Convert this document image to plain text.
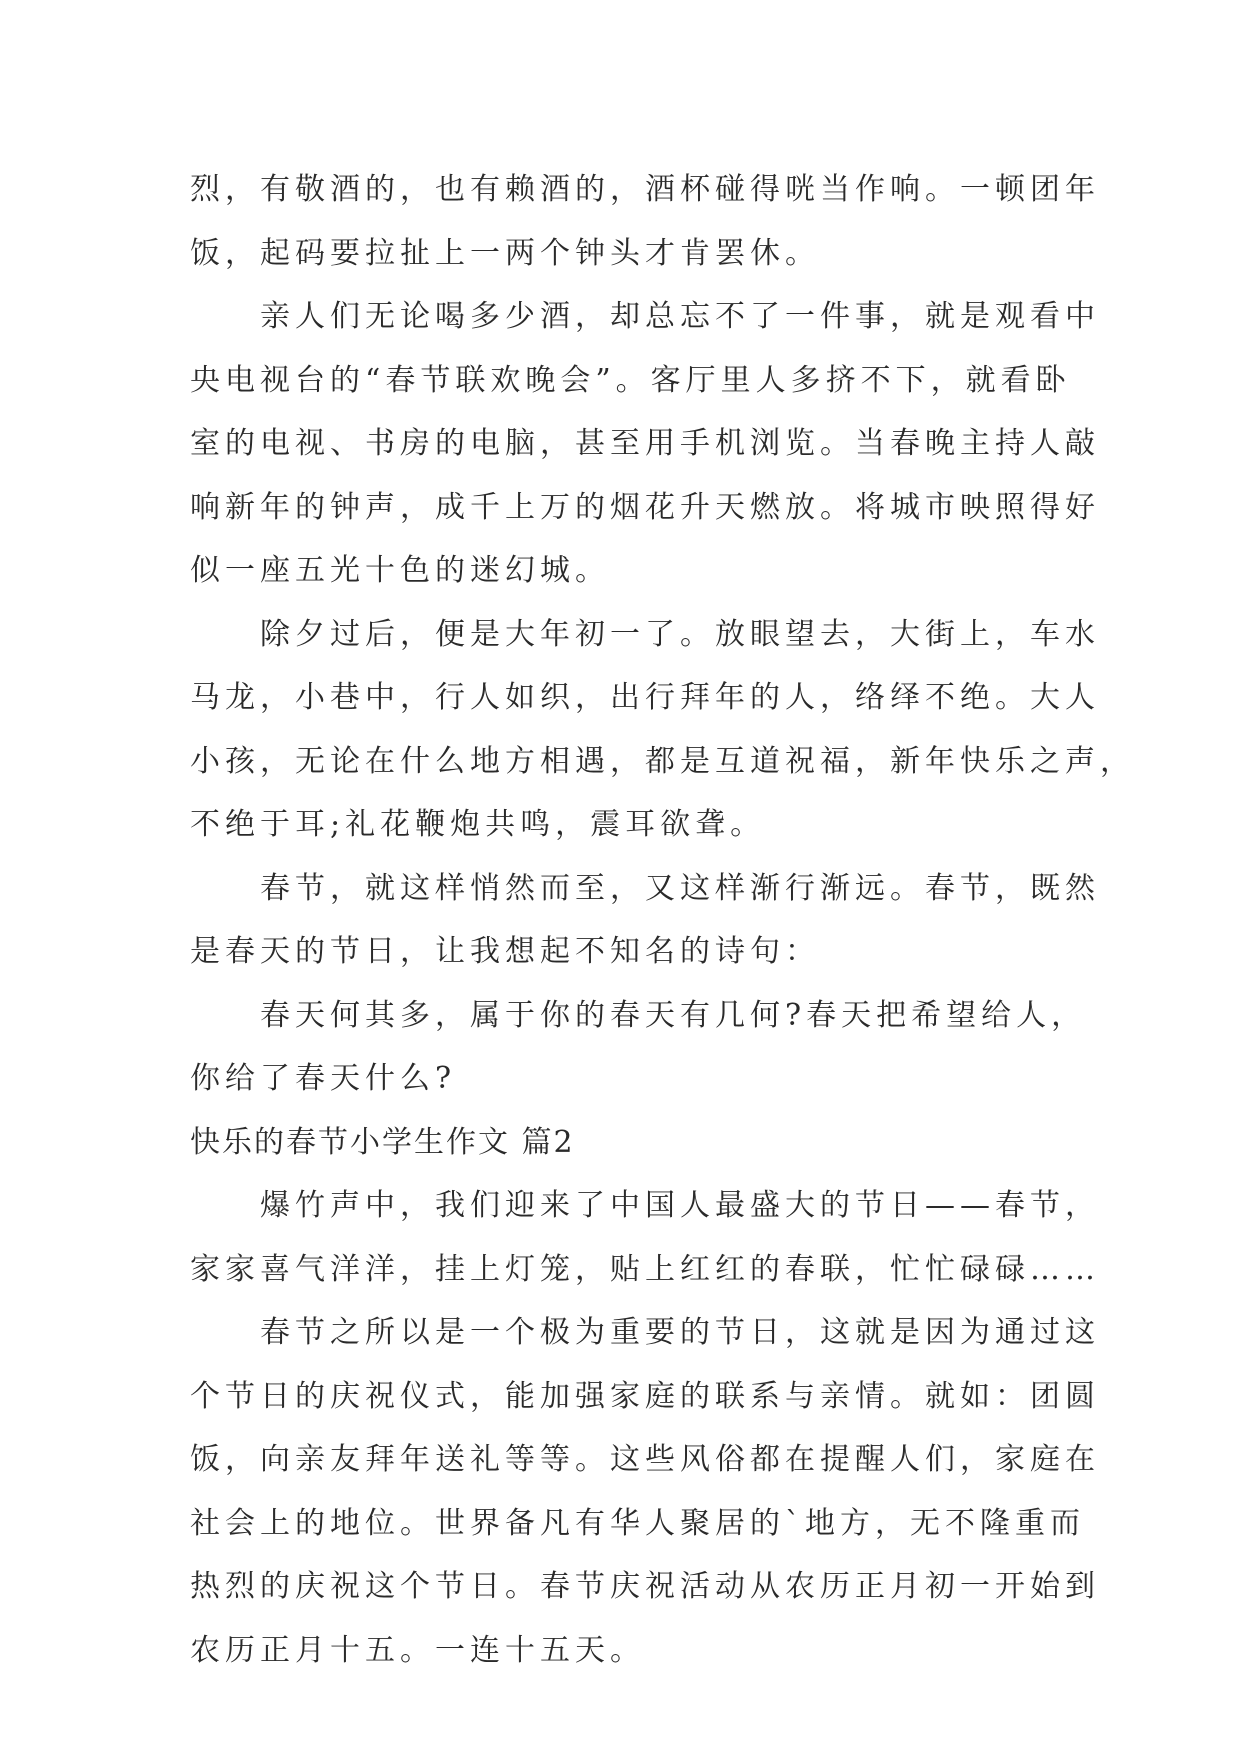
烈，有敬酒的，也有赖酒的，酒杯碰得咣当作响。一顿团年
饭，起码要拉扯上一两个钟头才肯罢休。
亲人们无论喝多少酒，却总忘不了一件事，就是观看中
央电视台的“春节联欢晚会”。客厅里人多挤不下，就看卧
室的电视、书房的电脑，甚至用手机浏览。当春晚主持人敲
响新年的钟声，成千上万的烟花升天燃放。将城市映照得好
似一座五光十色的迷幻城。
除夕过后，便是大年初一了。放眼望去，大街上，车水
马龙，小巷中，行人如织，出行拜年的人，络绎不绝。大人
小孩，无论在什么地方相遇，都是互道祝福，新年快乐之声，
不绝于耳;礼花鞭炮共鸣，震耳欲聋。
春节，就这样悄然而至，又这样渐行渐远。春节，既然
是春天的节日，让我想起不知名的诗句：
春天何其多，属于你的春天有几何?春天把希望给人，
你给了春天什么?
快乐的春节小学生作文 篇2
爆竹声中，我们迎来了中国人最盛大的节日——春节，
家家喜气洋洋，挂上灯笼，贴上红红的春联，忙忙碌碌……
春节之所以是一个极为重要的节日，这就是因为通过这
个节日的庆祝仪式，能加强家庭的联系与亲情。就如：团圆
饭，向亲友拜年送礼等等。这些风俗都在提醒人们，家庭在
社会上的地位。世界备凡有华人聚居的`地方，无不隆重而
热烈的庆祝这个节日。春节庆祝活动从农历正月初一开始到
农历正月十五。一连十五天。
